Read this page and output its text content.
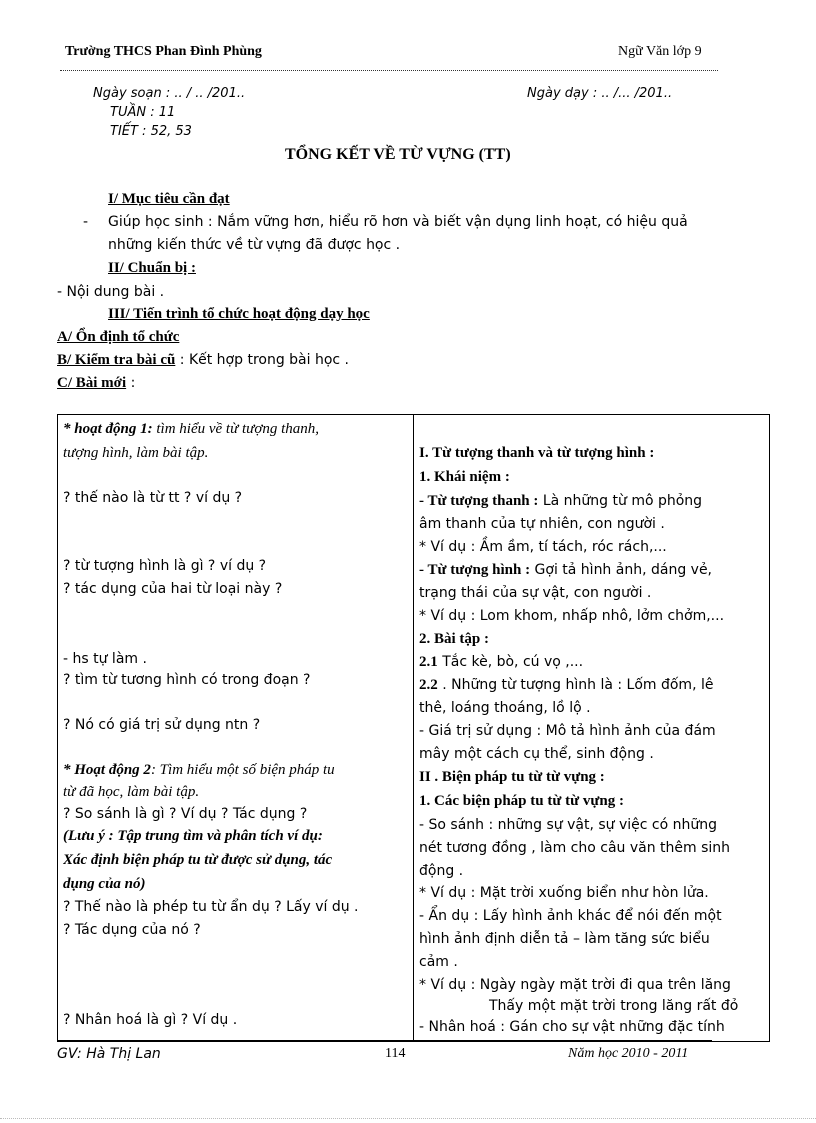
Trường THCS Phan Đình Phùng	Ngữ Văn lớp 9
Ngày soạn : .. / .. /201..	Ngày dạy : .. /... /201..
TUẦN : 11
TIẾT : 52, 53
TỔNG KẾT VỀ TỪ VỰNG (TT)
I/ Mục tiêu cần đạt
- Giúp học sinh : Nắm vững hơn, hiểu rõ hơn và biết vận dụng linh hoạt, có hiệu quả
những kiến thức về từ vựng đã được học .
II/ Chuẩn bị :
- Nội dung bài .
III/ Tiến trình tổ chức hoạt động dạy học
A/ Ổn định tổ chức
B/ Kiểm tra bài cũ : Kết hợp trong bài học .
C/ Bài mới :
* hoạt động 1: tìm hiểu về từ tượng thanh,
tượng hình, làm bài tập.
? thế nào là từ tt ? ví dụ ?
? từ tượng hình là gì ? ví dụ ?
? tác dụng của hai từ loại này ?
- hs tự làm .
? tìm từ tương hình có trong đoạn ?
? Nó có giá trị sử dụng ntn ?
* Hoạt động 2: Tìm hiểu một số biện pháp tu
từ đã học, làm bài tập.
? So sánh là gì ? Ví dụ ? Tác dụng ?
(Lưu ý : Tập trung tìm và phân tích ví dụ:
Xác định biện pháp tu từ được sử dụng, tác
dụng của nó)
? Thế nào là phép tu từ ẩn dụ ? Lấy ví dụ .
? Tác dụng của nó ?
? Nhân hoá là gì ? Ví dụ .

I. Từ tượng thanh và từ tượng hình :
1. Khái niệm :
- Từ tượng thanh : Là những từ mô phỏng
âm thanh của tự nhiên, con người .
* Ví dụ : Ầm ầm, tí tách, róc rách,...
- Từ tượng hình : Gợi tả hình ảnh, dáng vẻ,
trạng thái của sự vật, con người .
* Ví dụ : Lom khom, nhấp nhô, lởm chởm,...
2. Bài tập :
2.1 Tắc kè, bò, cú vọ ,...
2.2 . Những từ tượng hình là : Lốm đốm, lê
thê, loáng thoáng, lồ lộ .
- Giá trị sử dụng : Mô tả hình ảnh của đám
mây một cách cụ thể, sinh động .
II . Biện pháp tu từ từ vựng :
1. Các biện pháp tu từ từ vựng :
- So sánh : những sự vật, sự việc có những
nét tương đồng , làm cho câu văn thêm sinh
động .
* Ví dụ : Mặt trời xuống biển như hòn lửa.
- Ẩn dụ : Lấy hình ảnh khác để nói đến một
hình ảnh định diễn tả – làm tăng sức biểu
cảm .
* Ví dụ : Ngày ngày mặt trời đi qua trên lăng
Thấy một mặt trời trong lăng rất đỏ
- Nhân hoá : Gán cho sự vật những đặc tính
GV: Hà Thị Lan	114	Năm học 2010 - 2011
